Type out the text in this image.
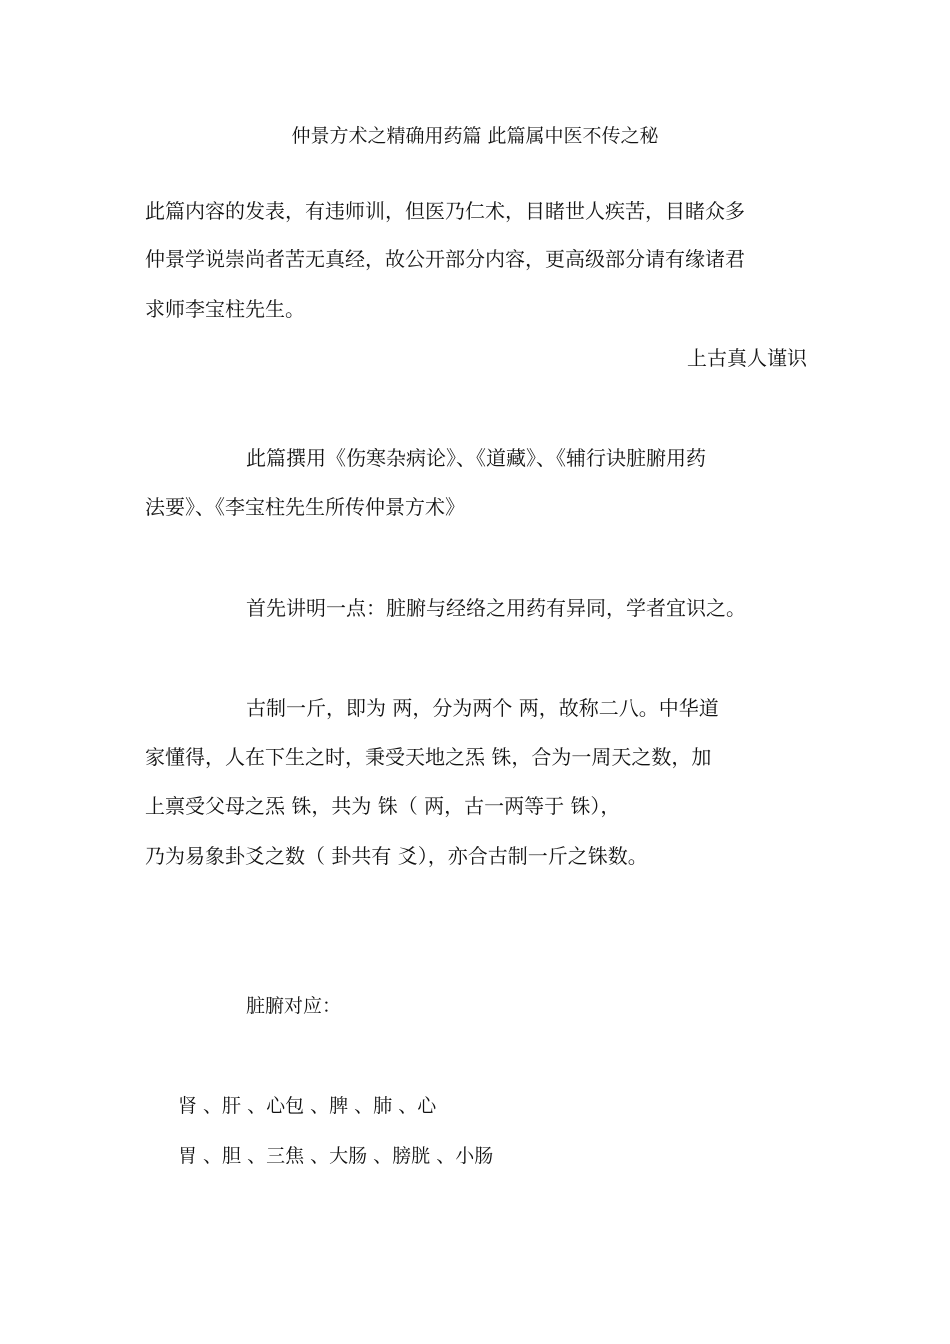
仲景方术之精确用药篇 此篇属中医不传之秘
此篇内容的发表，有违师训，但医乃仁术，目睹世人疾苦，目睹众多
仲景学说崇尚者苦无真经，故公开部分内容，更高级部分请有缘诸君
求师李宝柱先生。
上古真人谨识
此篇撰用《伤寒杂病论》、《道藏》、《辅行诀脏腑用药
法要》、《李宝柱先生所传仲景方术》
首先讲明一点：脏腑与经络之用药有异同，学者宜识之。
古制一斤，即为 两，分为两个 两，故称二八。中华道
家懂得，人在下生之时，秉受天地之炁 铢，合为一周天之数，加
上禀受父母之炁 铢，共为 铢（ 两，古一两等于 铢），
乃为易象卦爻之数（ 卦共有 爻），亦合古制一斤之铢数。
脏腑对应：
肾 、肝 、心包 、脾 、肺 、心
胃 、胆 、三焦 、大肠 、膀胱 、小肠
